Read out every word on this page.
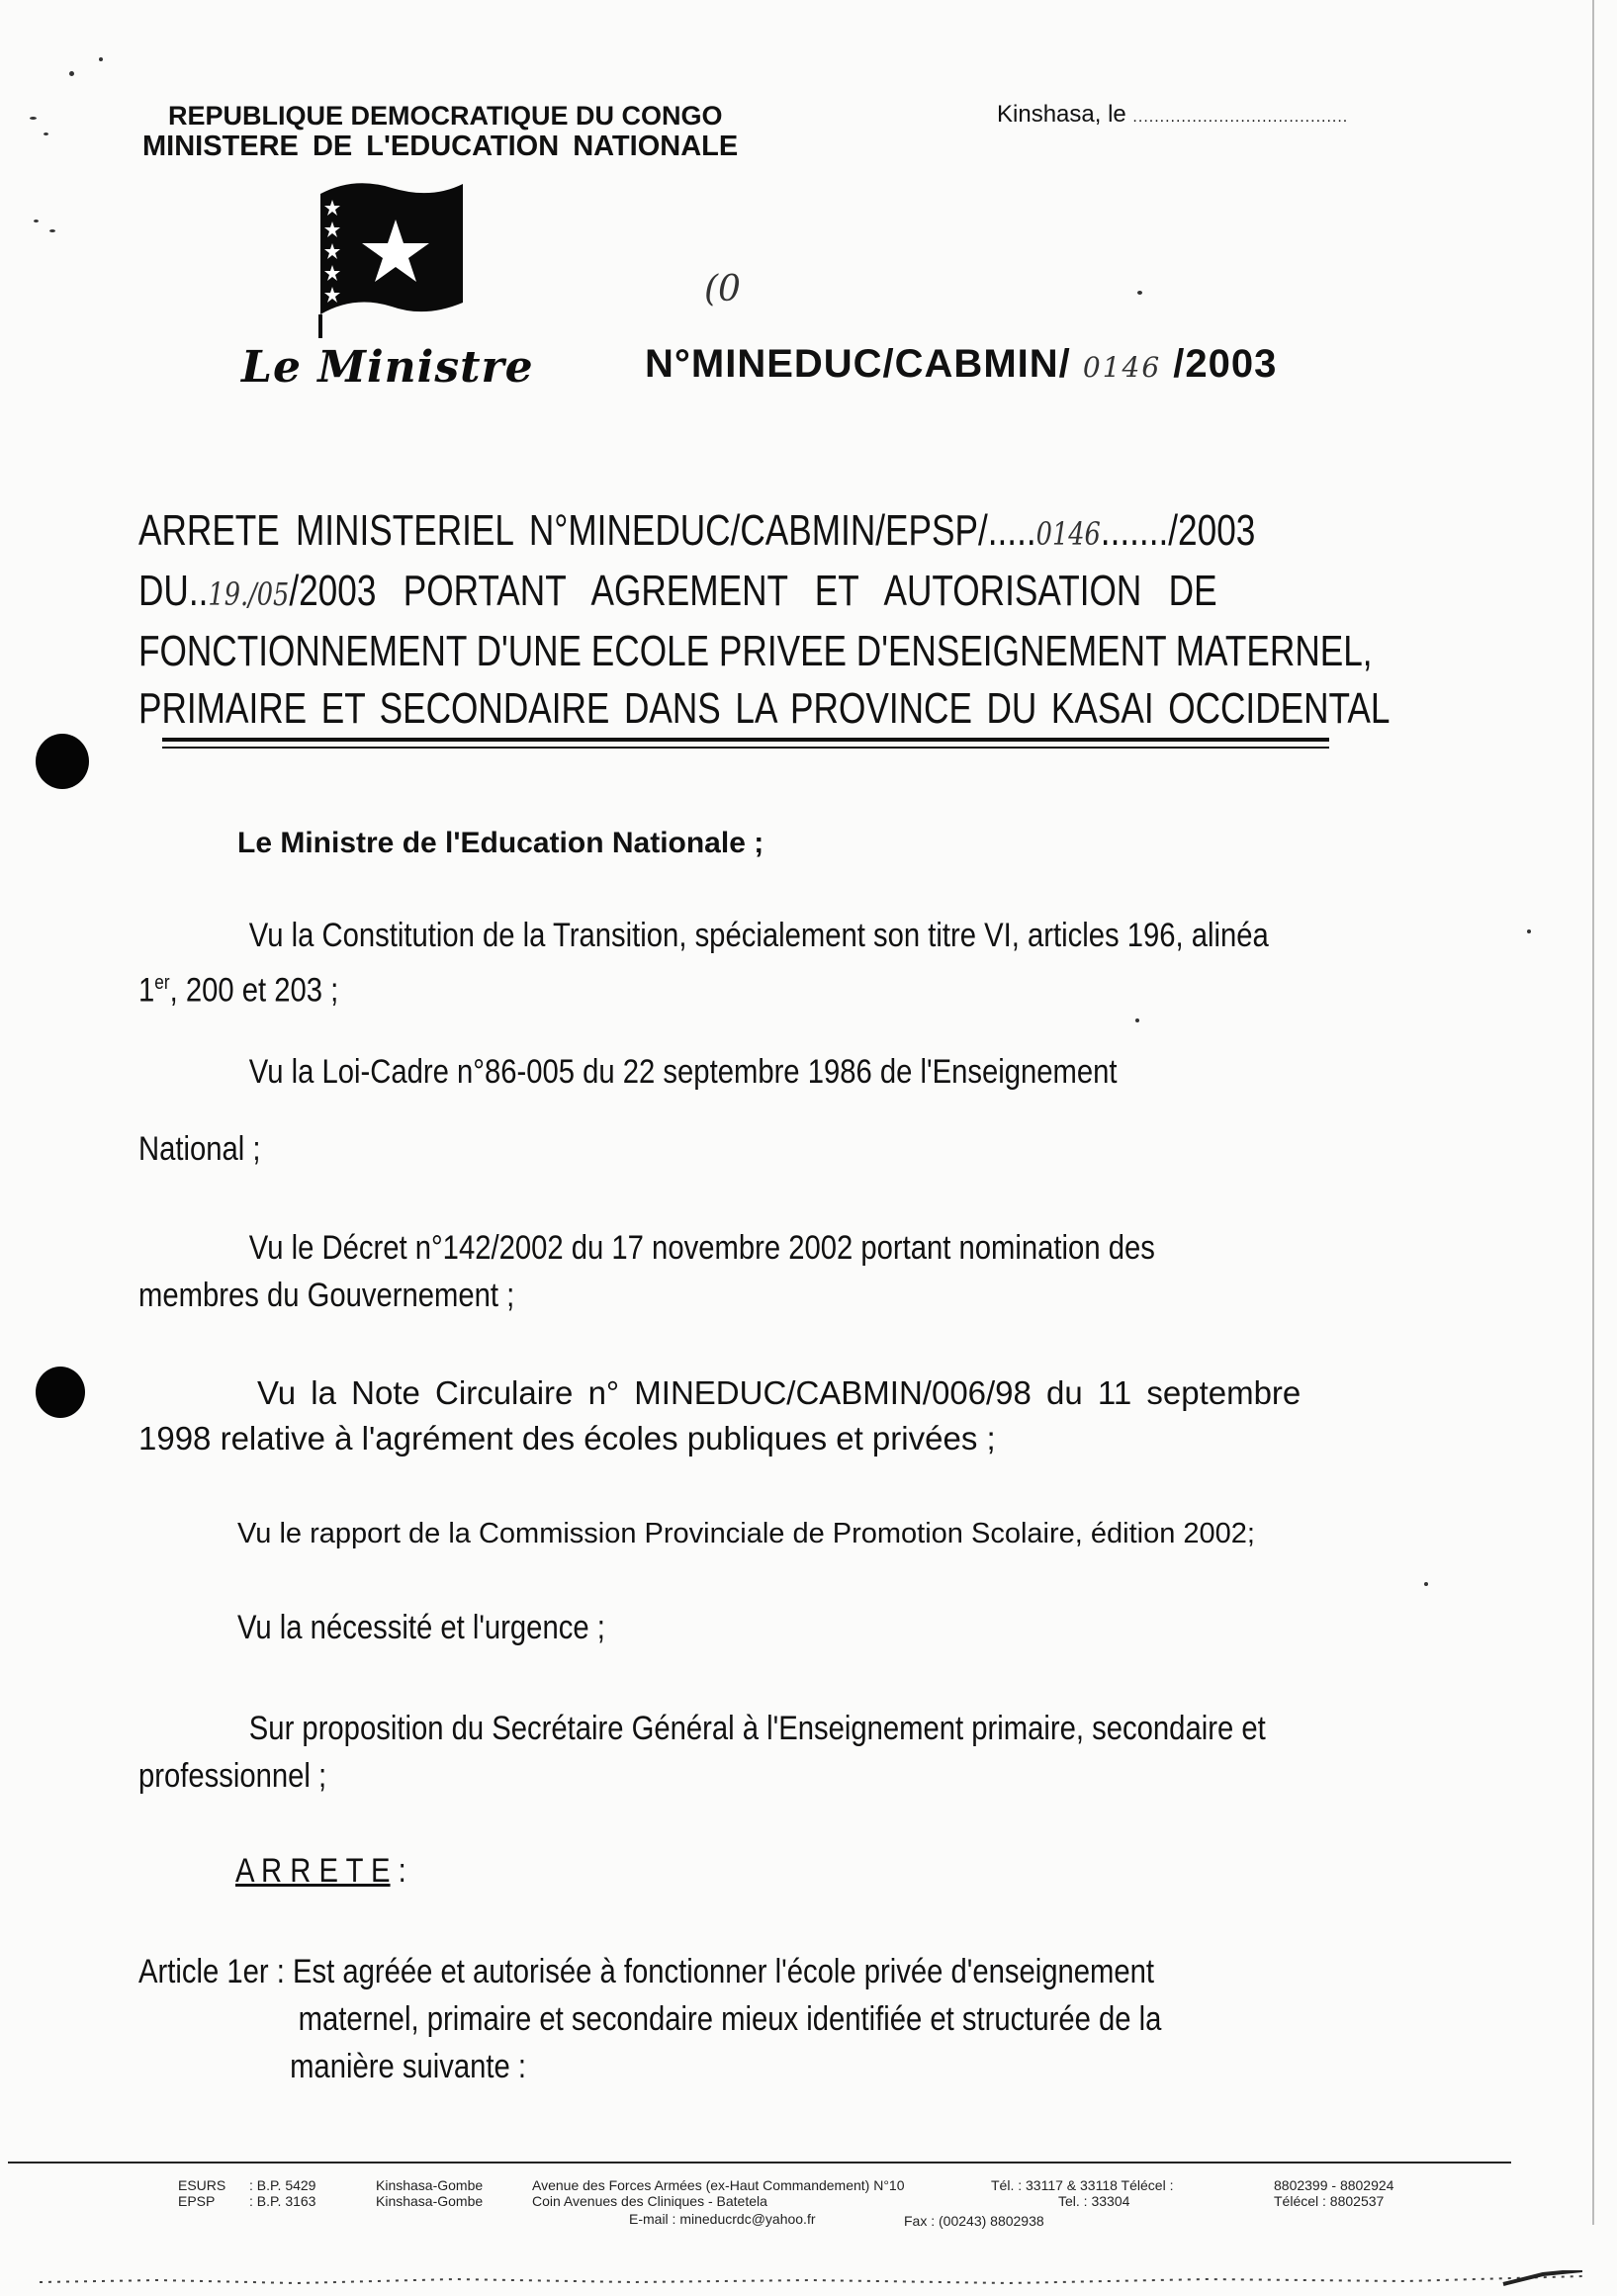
REPUBLIQUE DEMOCRATIQUE DU CONGO
MINISTERE DE L'EDUCATION NATIONALE
Kinshasa, le ........................................
Le Ministre
(0
N°MINEDUC/CABMIN/ 0146 /2003
ARRETE MINISTERIEL N°MINEDUC/CABMIN/EPSP/.....0146......./2003
DU..19./05/2003 PORTANT AGREMENT ET AUTORISATION DE
FONCTIONNEMENT D'UNE ECOLE PRIVEE D'ENSEIGNEMENT MATERNEL,
PRIMAIRE ET SECONDAIRE DANS LA PROVINCE DU KASAI OCCIDENTAL
Le Ministre de l'Education Nationale ;
Vu la Constitution de la Transition, spécialement son titre VI, articles 196, alinéa
1er, 200 et 203 ;
Vu la Loi-Cadre n°86-005 du 22 septembre 1986 de l'Enseignement
National ;
Vu le Décret n°142/2002 du 17 novembre 2002 portant nomination des
membres du Gouvernement ;
Vu la Note Circulaire n° MINEDUC/CABMIN/006/98 du 11 septembre
1998 relative à l'agrément des écoles publiques et privées ;
Vu le rapport de la Commission Provinciale de Promotion Scolaire, édition 2002;
Vu la nécessité et l'urgence ;
Sur proposition du Secrétaire Général à l'Enseignement primaire, secondaire et
professionnel ;
A R R E T E :
Article 1er : Est agréée et autorisée à fonctionner l'école privée d'enseignement
maternel, primaire et secondaire mieux identifiée et structurée de la
manière suivante :
ESURS
EPSP
: B.P. 5429
: B.P. 3163
Kinshasa-Gombe
Kinshasa-Gombe
Avenue des Forces Armées (ex-Haut Commandement) N°10
Coin Avenues des Cliniques - Batetela
E-mail : mineducrdc@yahoo.fr
Tél. : 33117 & 33118 Télécel :
Tel. : 33304
Fax : (00243) 8802938
8802399 - 8802924
Télécel : 8802537
